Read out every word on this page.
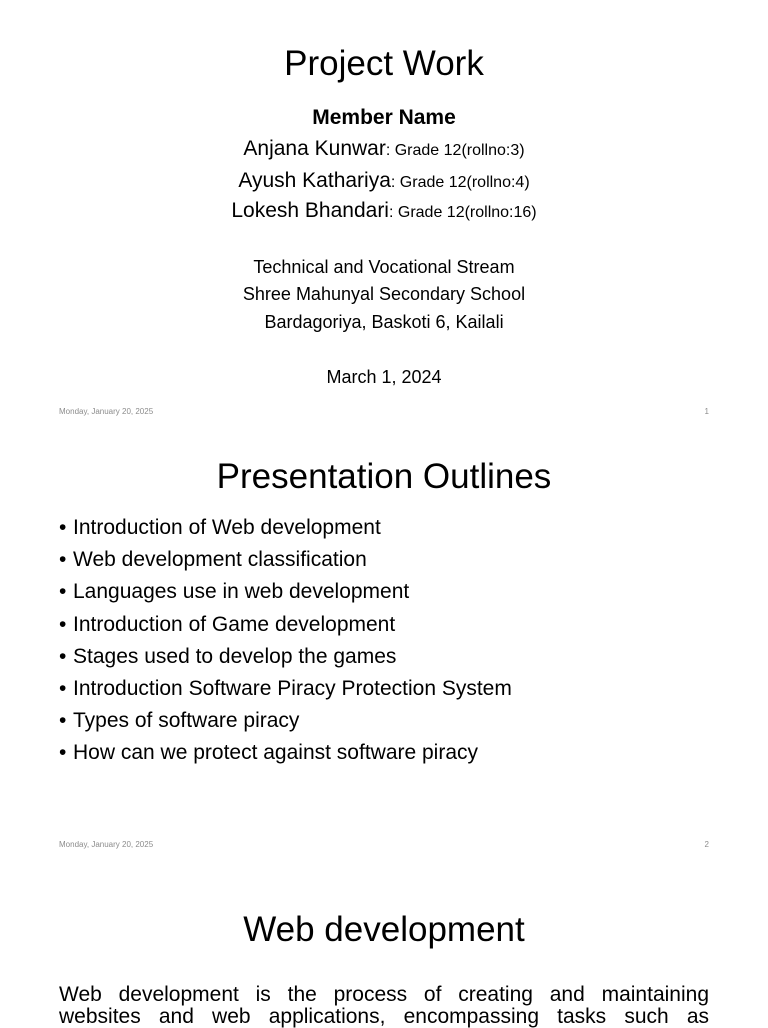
Project Work
Member Name
Anjana Kunwar: Grade 12(rollno:3)
Ayush Kathariya: Grade 12(rollno:4)
Lokesh Bhandari: Grade 12(rollno:16)
Technical and Vocational Stream
Shree Mahunyal Secondary School
Bardagoriya, Baskoti 6, Kailali
March 1, 2024
Monday, January 20, 2025	1
Presentation Outlines
• Introduction of Web development
• Web development classification
• Languages use in web development
• Introduction of Game development
• Stages used to develop the games
• Introduction Software Piracy Protection System
• Types of software piracy
• How can we protect against software piracy
Monday, January 20, 2025	2
Web development
Web development is the process of creating and maintaining
websites and web applications, encompassing tasks such as
